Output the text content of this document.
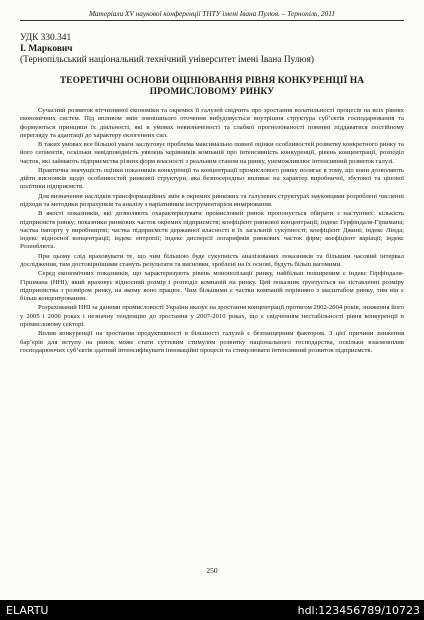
Матеріали XV наукової конференції ТНТУ імені Івана Пулюя. – Тернопіль, 2011
УДК 330.341
І. Маркович
(Тернопільський національний технічний університет імені Івана Пулюя)
ТЕОРЕТИЧНІ ОСНОВИ ОЦІНЮВАННЯ РІВНЯ КОНКУРЕНЦІЇ НА ПРОМИСЛОВОМУ РИНКУ

Сучасний розвиток вітчизняної економіки та окремих її галузей свідчить про зростання волатильності процесів на всіх рівнях економічних систем. Під впливом змін зовнішнього оточення вибудовується внутрішня структура суб’єктів господарювання та формуються принципи їх діяльності, які в умовах невизначеності та слабкої прогнозованості повинні піддаватися постійному перегляду та адаптації до характеру екзогенних сил.

В таких умовах все більшої уваги заслуговує проблема максимально повної оцінки особливостей розвитку конкретного ринку та його сегментів, оскільки невідповідність уявлень керівників компаній про інтенсивність конкуренції, рівень концентрації, розподіл часток, які займають підприємства різних форм власності з реальним станом на ринку, унеможливлює інтенсивний розвиток галузі.

Практична значущість оцінки показників конкуренції та концентрації промислового ринку полягає в тому, що вони дозволяють дійти висновків щодо особливостей ринкової структури, яка безпосередньо впливає на характер виробничої, збутової та цінової політики підприємств.

Для визначення наслідків трансформаційних змін в окремих ринкових та галузевих структурах науковцями розроблені численні підходи та методики розрахунків та аналізу з варіативним інструментарієм вимірювання.

В якості показників, які дозволяють охарактеризувати промисловий ринок пропонується обирати з наступних: кількість підприємств ринку; показники ринкових часток окремих підприємств; коефіцієнт ринкової концентрації; індекс Герфіндаля-Гіршмана; частка імпорту у виробництві; частка підприємств державної власності в їх загальній сукупності; коефіцієнт Джині; індекс Лінда; індекс відносної концентрації; індекс ентропії; індекс дисперсії логарифмів ринкових часток фірм; коефіцієнт варіації; індекс Розенблюта.

При цьому слід враховувати те, що чим більшою буде сукупність аналізованих показників та більшим часовий інтервал дослідження, тим достовірнішими стануть результати та висновки, зроблені на їх основі, будуть більш вагомими.

Серед економічних показників, що характеризують рівень монополізації ринку, найбільш поширеним є індекс Герфіндаля-Гіршмана (ННІ), який враховує відносний розмір і розподіл компаній на ринку. Цей показник ґрунтується на зіставленні розміру підприємства з розміром ринку, на якому воно працює. Чим більшими є частки компаній порівняно з масштабом ринку, тим він є більш концентрованим.

Розрахований ННІ за даними промисловості України вказує на зростання концентрації протягом 2002-2004 років, зниження його у 2005 і 2006 роках і незначну тенденцію до зростання у 2007-2010 роках, що є свідченням нестабільності рівня конкуренції в промисловому секторі.

Вплив конкуренції на зростання продуктивності в більшості галузей є безпанцерним фактором. З цієї причини зниження бар’єрів для вступу на ринок може стати суттєвим стимулом розвитку національного господарства, оскільки взаємовплив господарюючих суб’єктів здатний інтенсифікувати інноваційні процеси та стимулювати інтенсивний розвиток підприємств.

250
ELARTU	hdl:123456789/10723
